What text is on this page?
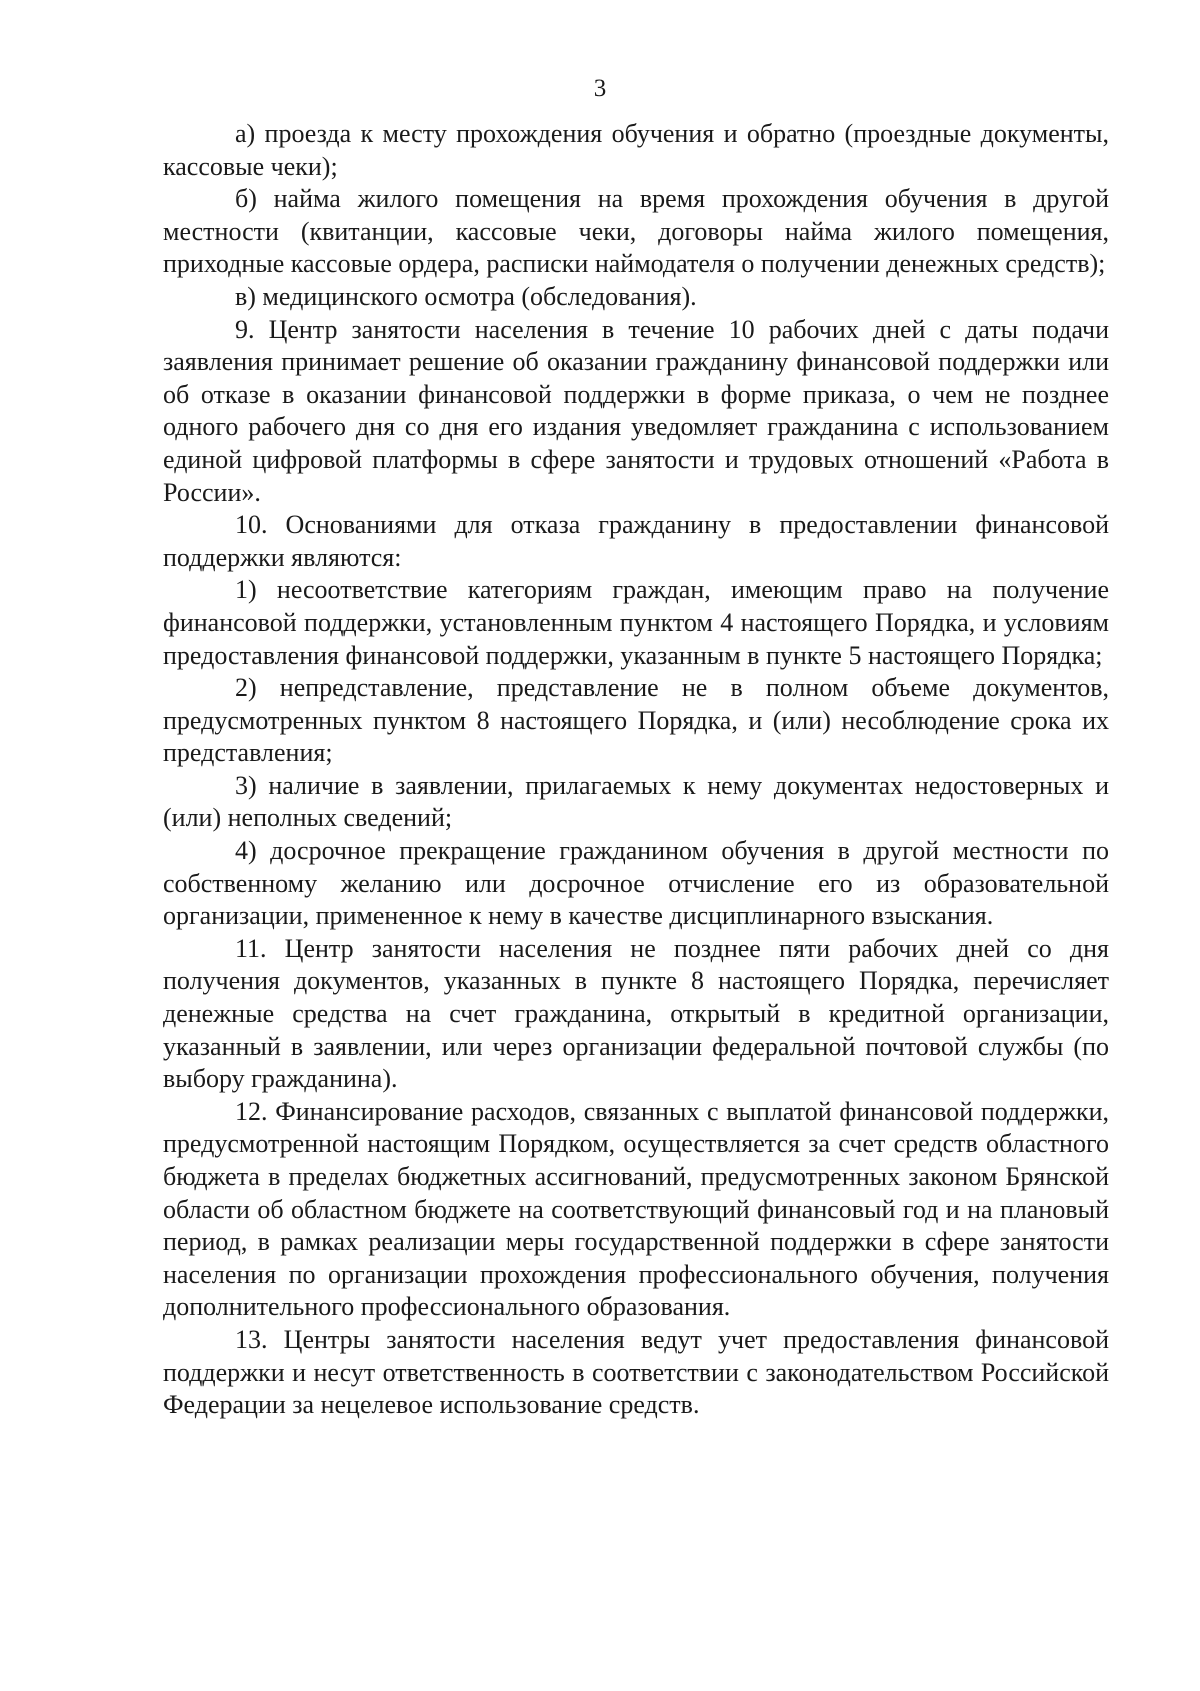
3

а) проезда к месту прохождения обучения и обратно (проездные документы, кассовые чеки);

б) найма жилого помещения на время прохождения обучения в другой местности (квитанции, кассовые чеки, договоры найма жилого помещения, приходные кассовые ордера, расписки наймодателя о получении денежных средств);

в) медицинского осмотра (обследования).

9. Центр занятости населения в течение 10 рабочих дней с даты подачи заявления принимает решение об оказании гражданину финансовой поддержки или об отказе в оказании финансовой поддержки в форме приказа, о чем не позднее одного рабочего дня со дня его издания уведомляет гражданина с использованием единой цифровой платформы в сфере занятости и трудовых отношений «Работа в России».

10. Основаниями для отказа гражданину в предоставлении финансовой поддержки являются:

1) несоответствие категориям граждан, имеющим право на получение финансовой поддержки, установленным пунктом 4 настоящего Порядка, и условиям предоставления финансовой поддержки, указанным в пункте 5 настоящего Порядка;

2) непредставление, представление не в полном объеме документов, предусмотренных пунктом 8 настоящего Порядка, и (или) несоблюдение срока их представления;

3) наличие в заявлении, прилагаемых к нему документах недостоверных и (или) неполных сведений;

4) досрочное прекращение гражданином обучения в другой местности по собственному желанию или досрочное отчисление его из образовательной организации, примененное к нему в качестве дисциплинарного взыскания.

11. Центр занятости населения не позднее пяти рабочих дней со дня получения документов, указанных в пункте 8 настоящего Порядка, перечисляет денежные средства на счет гражданина, открытый в кредитной организации, указанный в заявлении, или через организации федеральной почтовой службы (по выбору гражданина).

12. Финансирование расходов, связанных с выплатой финансовой поддержки, предусмотренной настоящим Порядком, осуществляется за счет средств областного бюджета в пределах бюджетных ассигнований, предусмотренных законом Брянской области об областном бюджете на соответствующий финансовый год и на плановый период, в рамках реализации меры государственной поддержки в сфере занятости населения по организации прохождения профессионального обучения, получения дополнительного профессионального образования.

13. Центры занятости населения ведут учет предоставления финансовой поддержки и несут ответственность в соответствии с законодательством Российской Федерации за нецелевое использование средств.
